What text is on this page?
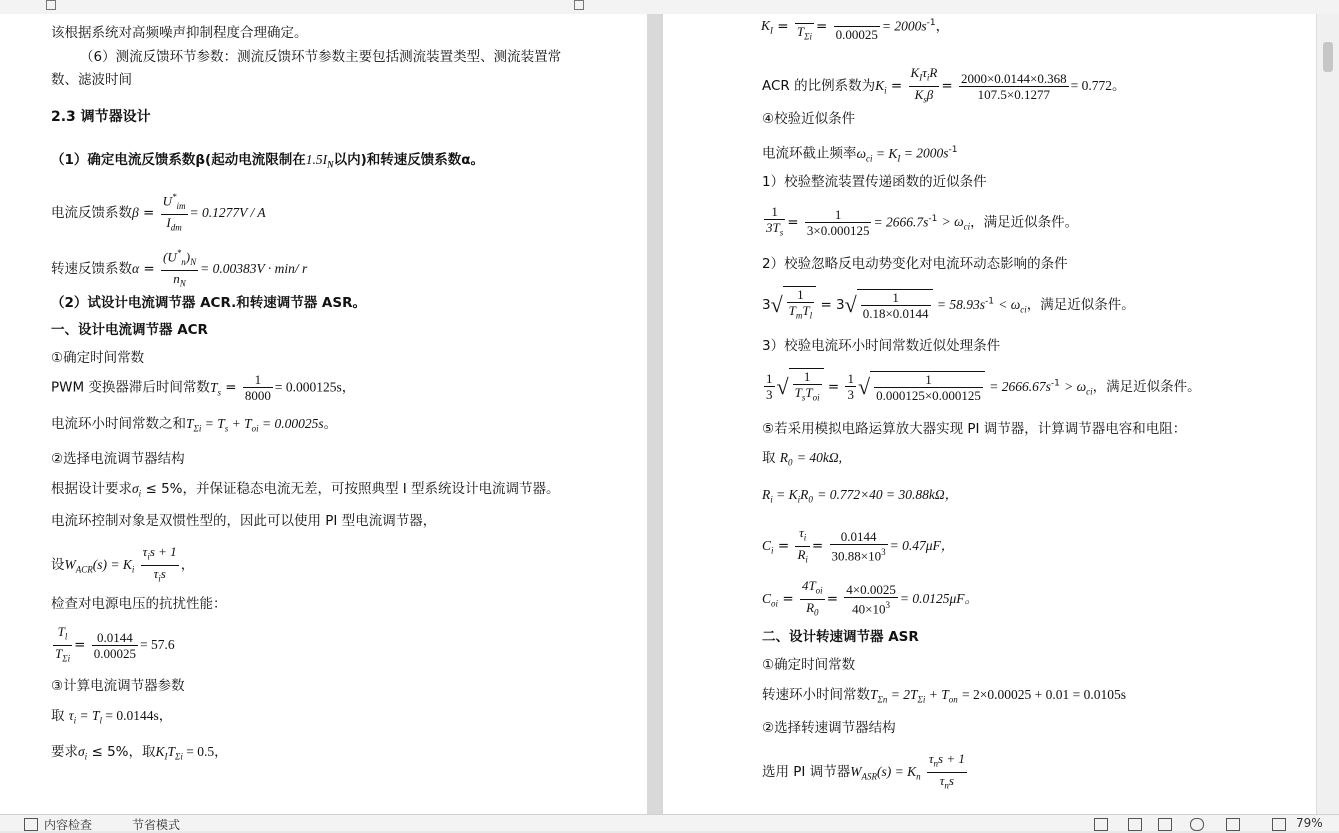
该根据系统对高频噪声抑制程度合理确定。
（6）测流反馈环节参数：测流反馈环节参数主要包括测流装置类型、测流装置常
数、滤波时间
2.3 调节器设计
（1）确定电流反馈系数β(起动电流限制在$1.5I_N$以内)和转速反馈系数α。
电流反馈系数$\beta = \frac{U^*_{im}}{I_{dm}} = 0.1277V / A$
转速反馈系数$\alpha = \frac{(U^*_n)_N}{n_N} = 0.00383V \cdot \min/$ r
（2）试设计电流调节器 ACR.和转速调节器 ASR。
一、设计电流调节器 ACR
①确定时间常数
PWM 变换器滞后时间常数$T_s = \frac{1}{8000} = 0.000125s$，
电流环小时间常数之和$T_{\Sigma i} = T_s + T_{oi} = 0.00025s$。
②选择电流调节器结构
根据设计要求$\sigma_i \le 5\%$，并保证稳态电流无差，可按照典型 I 型系统设计电流调节器。
电流环控制对象是双惯性型的，因此可以使用 PI 型电流调节器，
设$W_{ACR}(s) = K_i \frac{\tau_is + 1}{\tau_is}$ ，
检查对电源电压的抗扰性能：
$\frac{T_l}{T_{\Sigma i}} = \frac{0.0144}{0.00025} = 57.6$
③计算电流调节器参数
取 $\tau_i = T_l = 0.0144s$，
要求$\sigma_i \le 5\%$，取$K_IT_{\Sigma i} = 0.5$，
$K_I$ =
$T_{\Sigma i}$
=
0.00025
= $2000s^{-1}$，
ACR 的比例系数为$K_i = \frac{K_I\tau_iR}{K_s\beta} = \frac{2000\times 0.0144\times 0.368}{107.5\times 0.1277} = 0.772$。
④校验近似条件
电流环截止频率$\omega_{ci} = K_I = 2000s^{-1}$
1）校验整流装置传递函数的近似条件
$\frac{1}{3T_s} = \frac{1}{3\times 0.000125} = 2666.7s^{-1} > \omega_{ci}$，满足近似条件。
2）校验忽略反电动势变化对电流环动态影响的条件
$3√ \frac{1}{T_mT_l} = 3√ \frac{1}{0.18\times 0.0144} = 58.93s^{-1} < \omega_{ci}$，满足近似条件。
3）校验电流环小时间常数近似处理条件
$\frac{1}{3}$ √ $\frac{1}{T_sT_{oi}} = \frac{1}{3}$ √ $\frac{1}{0.000125\times 0.000125} = 2666.67s^{-1} > \omega_{ci}$，满足近似条件。
⑤若采用模拟电路运算放大器实现 PI 调节器，计算调节器电容和电阻：
取 $R_0 = 40k\Omega$,
$R_i = K_iR_0 = 0.772\times 40 = 30.88k\Omega$，
$C_i = \frac{\tau_i}{R_i} = \frac{0.0144}{30.88\times 10^3} = 0.47\mu F$，
$C_{oi} = \frac{4T_{oi}}{R_0} = \frac{4\times 0.0025}{40\times 10^3} = 0.0125\mu F$。
二、设计转速调节器 ASR
①确定时间常数
转速环小时间常数$T_{\Sigma n} = 2T_{\Sigma i} + T_{on} = 2\times 0.00025 + 0.01 = 0.0105s$
②选择转速调节器结构
选用 PI 调节器$W_{ASR}(s) = K_n \frac{\tau_ns + 1}{\tau_ns}$
内容检查	节省模式	79%
